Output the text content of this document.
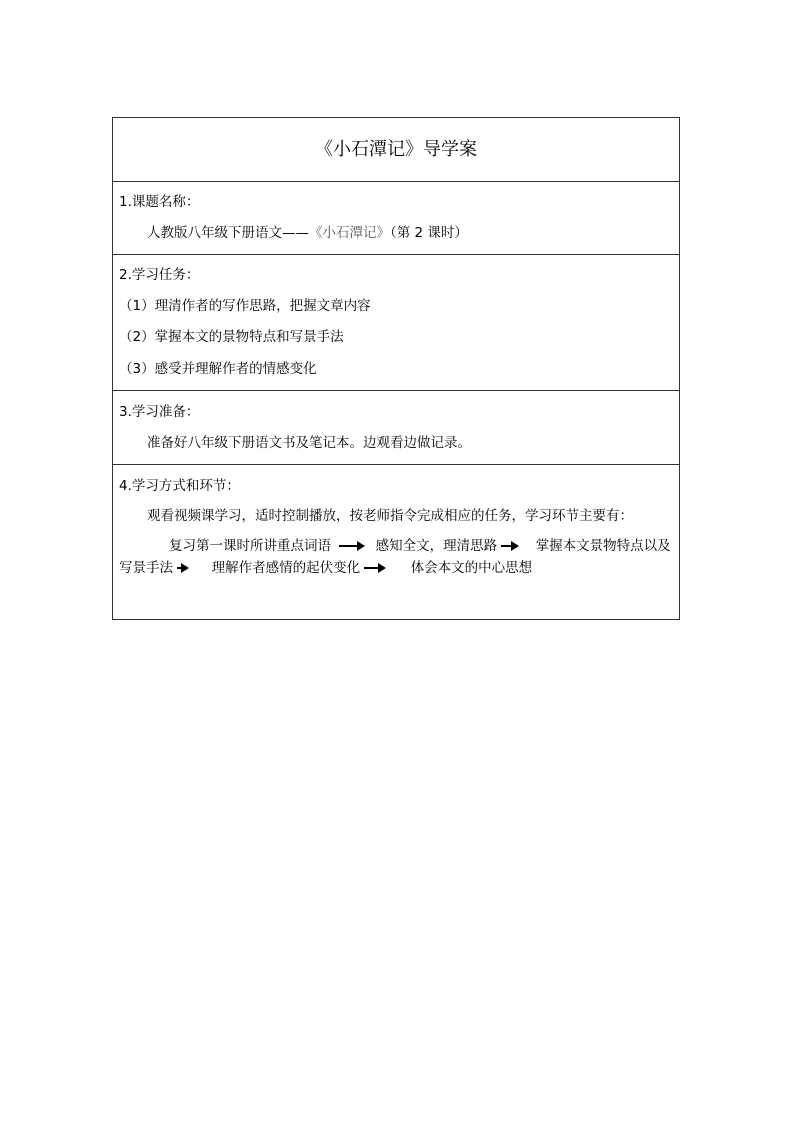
《小石潭记》导学案
1.课题名称：
人教版八年级下册语文——《小石潭记》（第 2 课时）
2.学习任务：
（1）理清作者的写作思路，把握文章内容
（2）掌握本文的景物特点和写景手法
（3）感受并理解作者的情感变化
3.学习准备：
准备好八年级下册语文书及笔记本。边观看边做记录。
4.学习方式和环节：
观看视频课学习，适时控制播放，按老师指令完成相应的任务，学习环节主要有：
复习第一课时所讲重点词语	感知全文，理清思路	掌握本文景物特点以及
写景手法	理解作者感情的起伏变化	体会本文的中心思想
